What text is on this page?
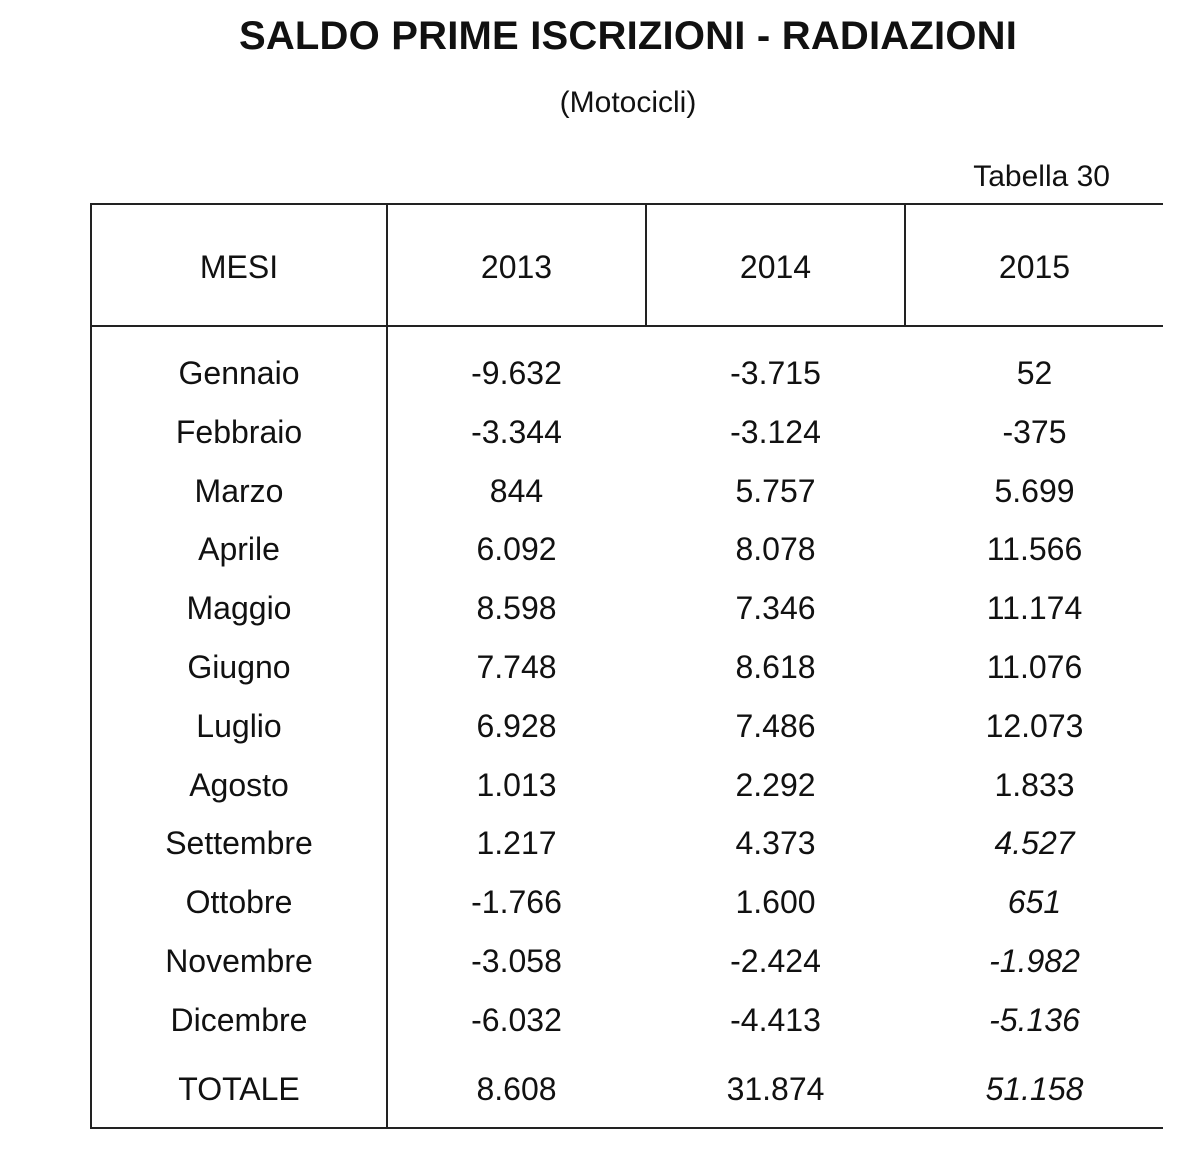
SALDO PRIME ISCRIZIONI - RADIAZIONI
(Motocicli)
Tabella 30
MESI	2013	2014	2015
Gennaio	-9.632	-3.715	52
Febbraio	-3.344	-3.124	-375
Marzo	844	5.757	5.699
Aprile	6.092	8.078	11.566
Maggio	8.598	7.346	11.174
Giugno	7.748	8.618	11.076
Luglio	6.928	7.486	12.073
Agosto	1.013	2.292	1.833
Settembre	1.217	4.373	4.527
Ottobre	-1.766	1.600	651
Novembre	-3.058	-2.424	-1.982
Dicembre	-6.032	-4.413	-5.136
TOTALE	8.608	31.874	51.158
